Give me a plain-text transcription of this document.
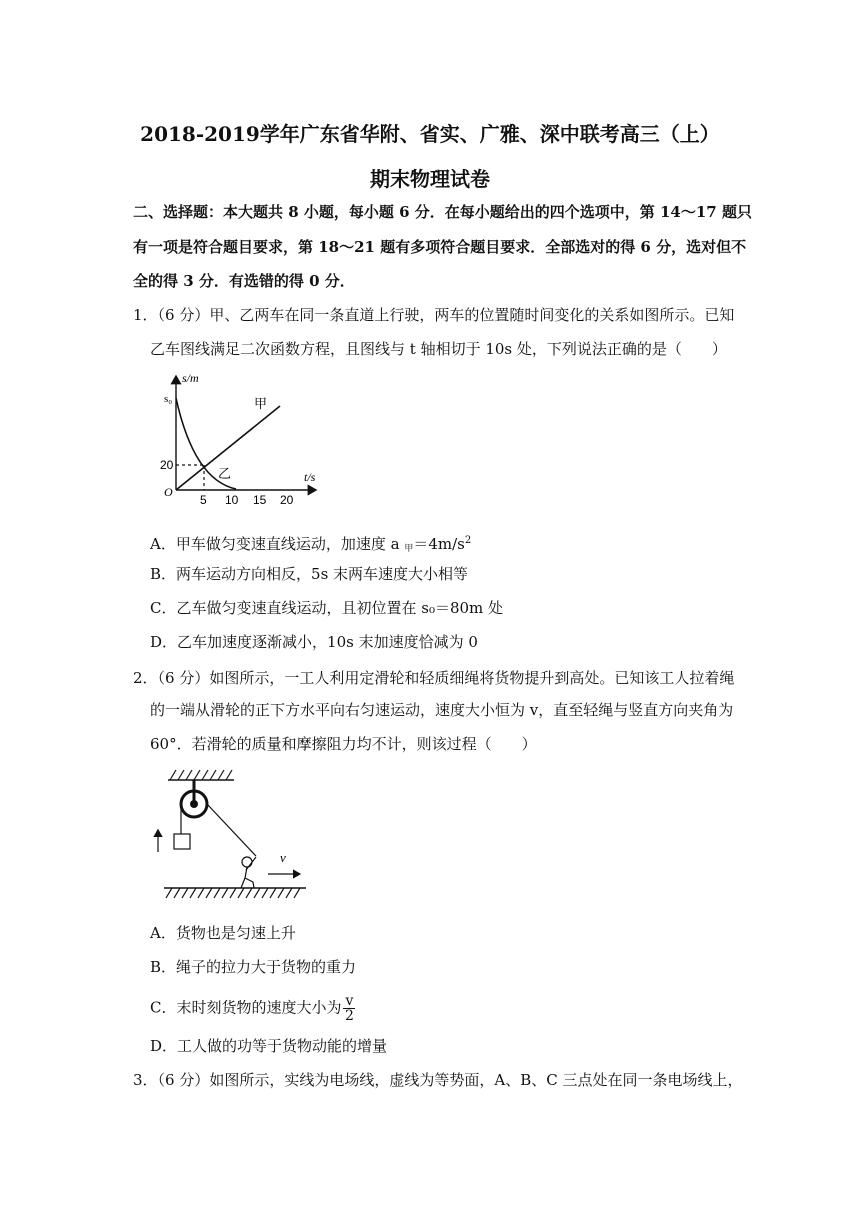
2018-2019学年广东省华附、省实、广雅、深中联考高三（上）
期末物理试卷
二、选择题：本大题共 8 小题，每小题 6 分．在每小题给出的四个选项中，第 14～17 题只
有一项是符合题目要求，第 18～21 题有多项符合题目要求．全部选对的得 6 分，选对但不
全的得 3 分．有选错的得 0 分．
1．（6 分）甲、乙两车在同一条直道上行驶，两车的位置随时间变化的关系如图所示。已知
乙车图线满足二次函数方程，且图线与 t 轴相切于 10s 处，下列说法正确的是（　　）
s/m
t/s
s₀
20
O
5 10 15 20
甲
乙
A．甲车做匀变速直线运动，加速度 a $_甲=4m/s^2$
B．两车运动方向相反，5s 末两车速度大小相等
C．乙车做匀变速直线运动，且初位置在 s₀＝80m 处
D．乙车加速度逐渐减小，10s 末加速度恰减为 0
2．（6 分）如图所示，一工人利用定滑轮和轻质细绳将货物提升到高处。已知该工人拉着绳
的一端从滑轮的正下方水平向右匀速运动，速度大小恒为 v，直至轻绳与竖直方向夹角为
60°．若滑轮的质量和摩擦阻力均不计，则该过程（　　）
v
A．货物也是匀速上升
B．绳子的拉力大于货物的重力
C．末时刻货物的速度大小为 $\frac{v}{2}$
D．工人做的功等于货物动能的增量
3．（6 分）如图所示，实线为电场线，虚线为等势面，A、B、C 三点处在同一条电场线上，
